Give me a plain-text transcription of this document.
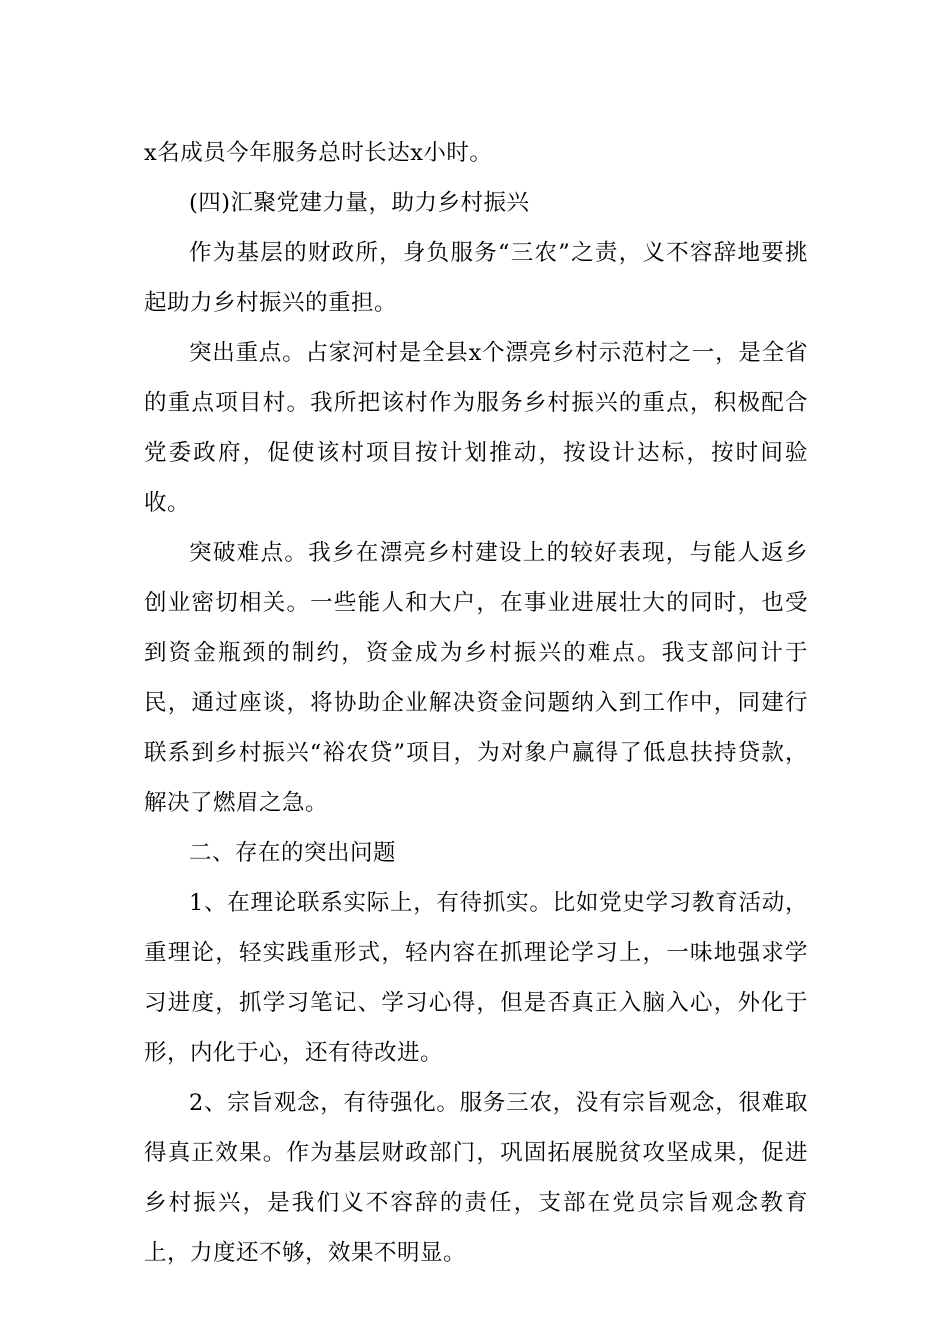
x名成员今年服务总时长达x小时。

(四)汇聚党建力量，助力乡村振兴

作为基层的财政所，身负服务“三农”之责，义不容辞地要挑起助力乡村振兴的重担。

突出重点。占家河村是全县x个漂亮乡村示范村之一，是全省的重点项目村。我所把该村作为服务乡村振兴的重点，积极配合党委政府，促使该村项目按计划推动，按设计达标，按时间验收。

突破难点。我乡在漂亮乡村建设上的较好表现，与能人返乡创业密切相关。一些能人和大户，在事业进展壮大的同时，也受到资金瓶颈的制约，资金成为乡村振兴的难点。我支部问计于民，通过座谈，将协助企业解决资金问题纳入到工作中，同建行联系到乡村振兴“裕农贷”项目，为对象户赢得了低息扶持贷款，解决了燃眉之急。

二、存在的突出问题

1、在理论联系实际上，有待抓实。比如党史学习教育活动，重理论，轻实践重形式，轻内容在抓理论学习上，一味地强求学习进度，抓学习笔记、学习心得，但是否真正入脑入心，外化于形，内化于心，还有待改进。

2、宗旨观念，有待强化。服务三农，没有宗旨观念，很难取得真正效果。作为基层财政部门，巩固拓展脱贫攻坚成果，促进乡村振兴，是我们义不容辞的责任，支部在党员宗旨观念教育上，力度还不够，效果不明显。
